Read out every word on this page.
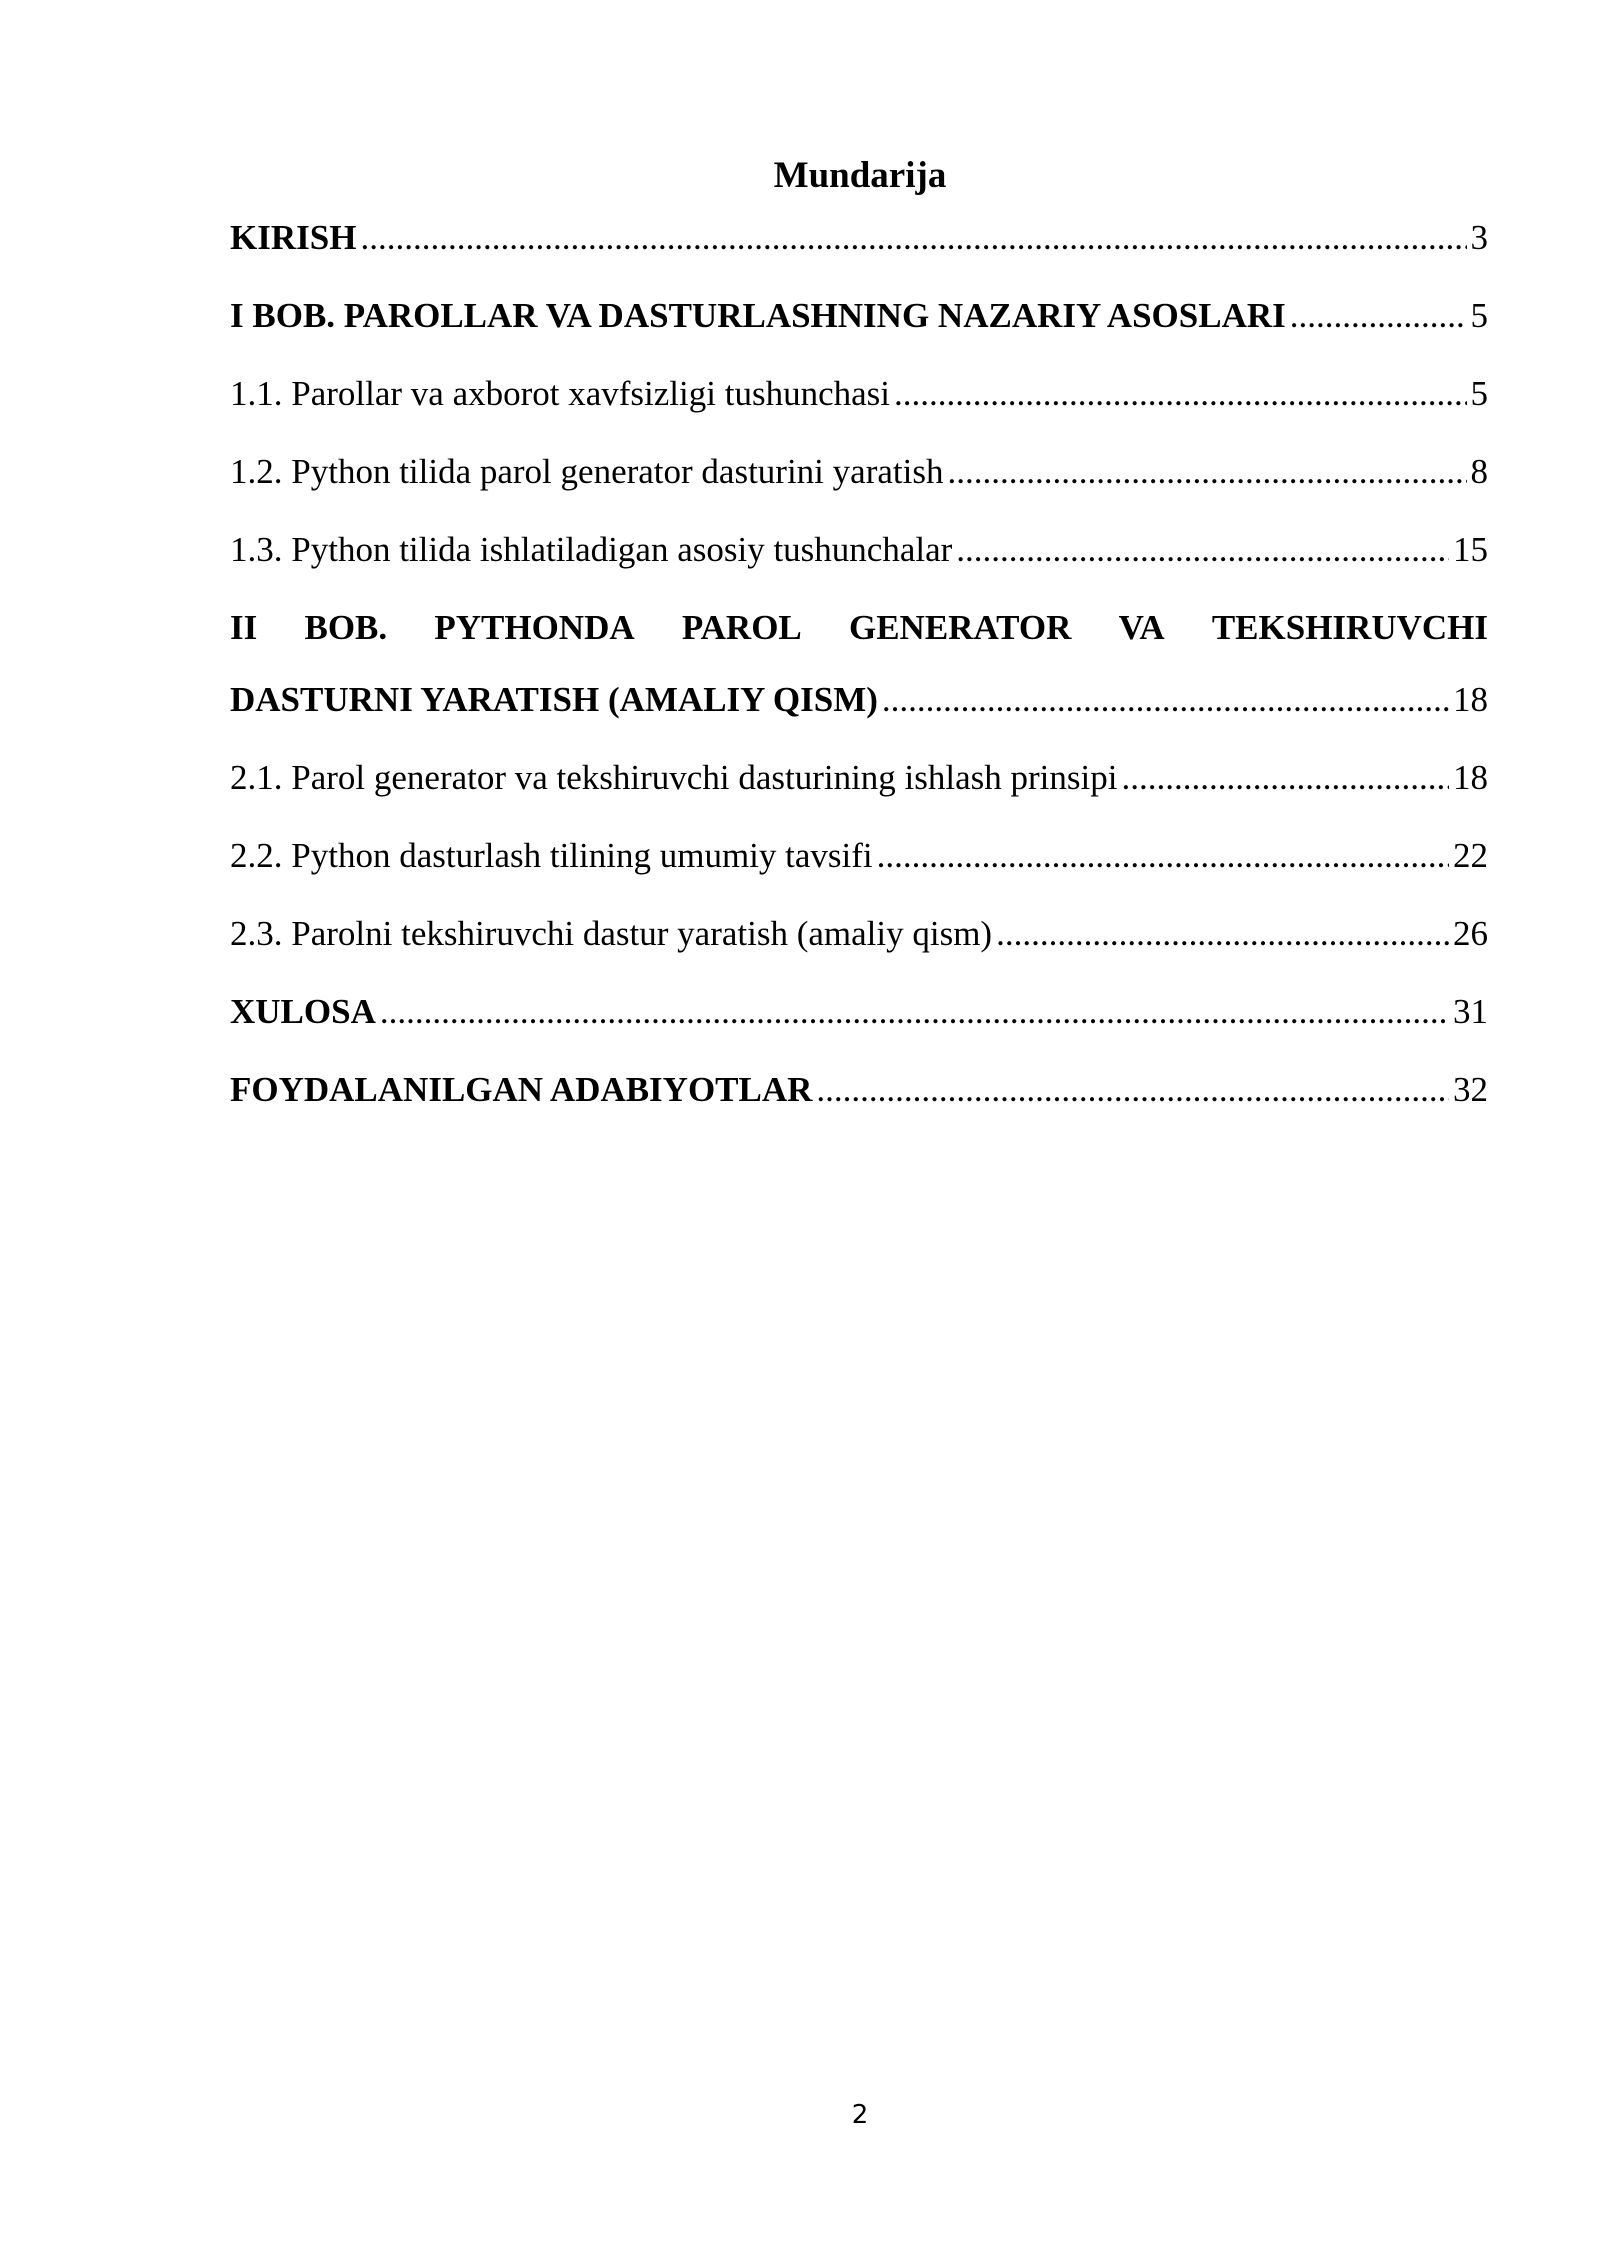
Mundarija
KIRISH .....	3
I BOB. PAROLLAR VA DASTURLASHNING NAZARIY ASOSLARI .....	5
1.1. Parollar va axborot xavfsizligi tushunchasi .....	5
1.2. Python tilida parol generator dasturini yaratish .....	8
1.3. Python tilida ishlatiladigan asosiy tushunchalar .....	15
II BOB. PYTHONDA PAROL GENERATOR VA TEKSHIRUVCHI
DASTURNI YARATISH (AMALIY QISM) .....	18
2.1. Parol generator va tekshiruvchi dasturining ishlash prinsipi .....	18
2.2. Python dasturlash tilining umumiy tavsifi .....	22
2.3. Parolni tekshiruvchi dastur yaratish (amaliy qism) .....	26
XULOSA .....	31
FOYDALANILGAN ADABIYOTLAR .....	32
2
